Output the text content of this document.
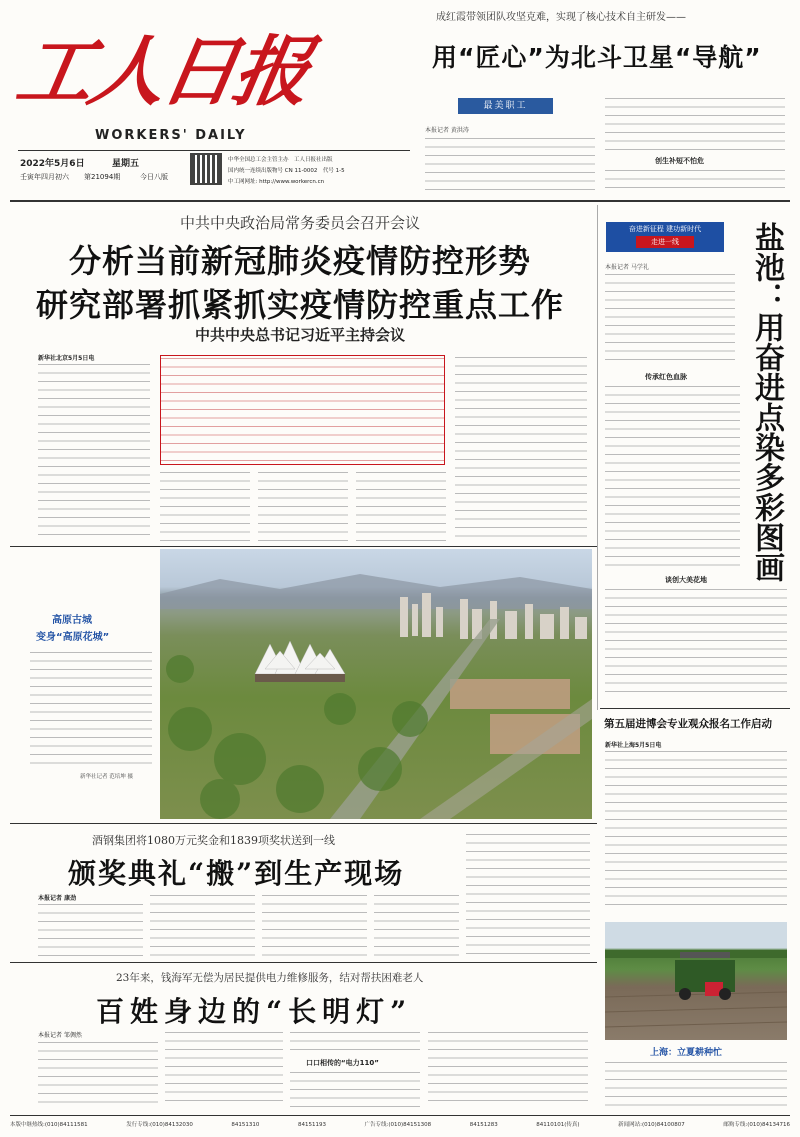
工人日报
WORKERS' DAILY
2022年5月6日	星期五
壬寅年四月初六 第21094期	今日八版
中华全国总工会主管主办　工人日报社出版
国内统一连续出版物号 CN 11-0002　代号 1-5
中工网网址: http://www.workercn.cn
成红霞带领团队攻坚克难，实现了核心技术自主研发——
用“匠心”为北斗卫星“导航”
最美职工
本报记者 黄洪涛
创生补短不怕危
中共中央政治局常务委员会召开会议
分析当前新冠肺炎疫情防控形势
研究部署抓紧抓实疫情防控重点工作
中共中央总书记习近平主持会议
新华社北京5月5日电
奋进新征程 建功新时代
走进一线	盐池：用奋进点染多彩图画
本报记者 马学礼
传承红色血脉
谈创大美花地
高原古城
变身“高原花城”
新华社记者 范培坤 摄
酒钢集团将1080万元奖金和1839项奖状送到一线
颁奖典礼“搬”到生产现场
本报记者 康劲
第五届进博会专业观众报名工作启动
新华社上海5月5日电
上海：立夏耕种忙
23年来，钱海军无偿为居民提供电力维修服务，结对帮扶困难老人
百姓身边的“长明灯”
本报记者 邹倜然
口口相传的“电力110”
本版中继热线:(010)84111581	发行专线:(010)84132030	84151310	84151193	广告专线:(010)84151308	84151283	84110101(传真)	新闻网站:(010)84100807	邮购专线:(010)84134716
